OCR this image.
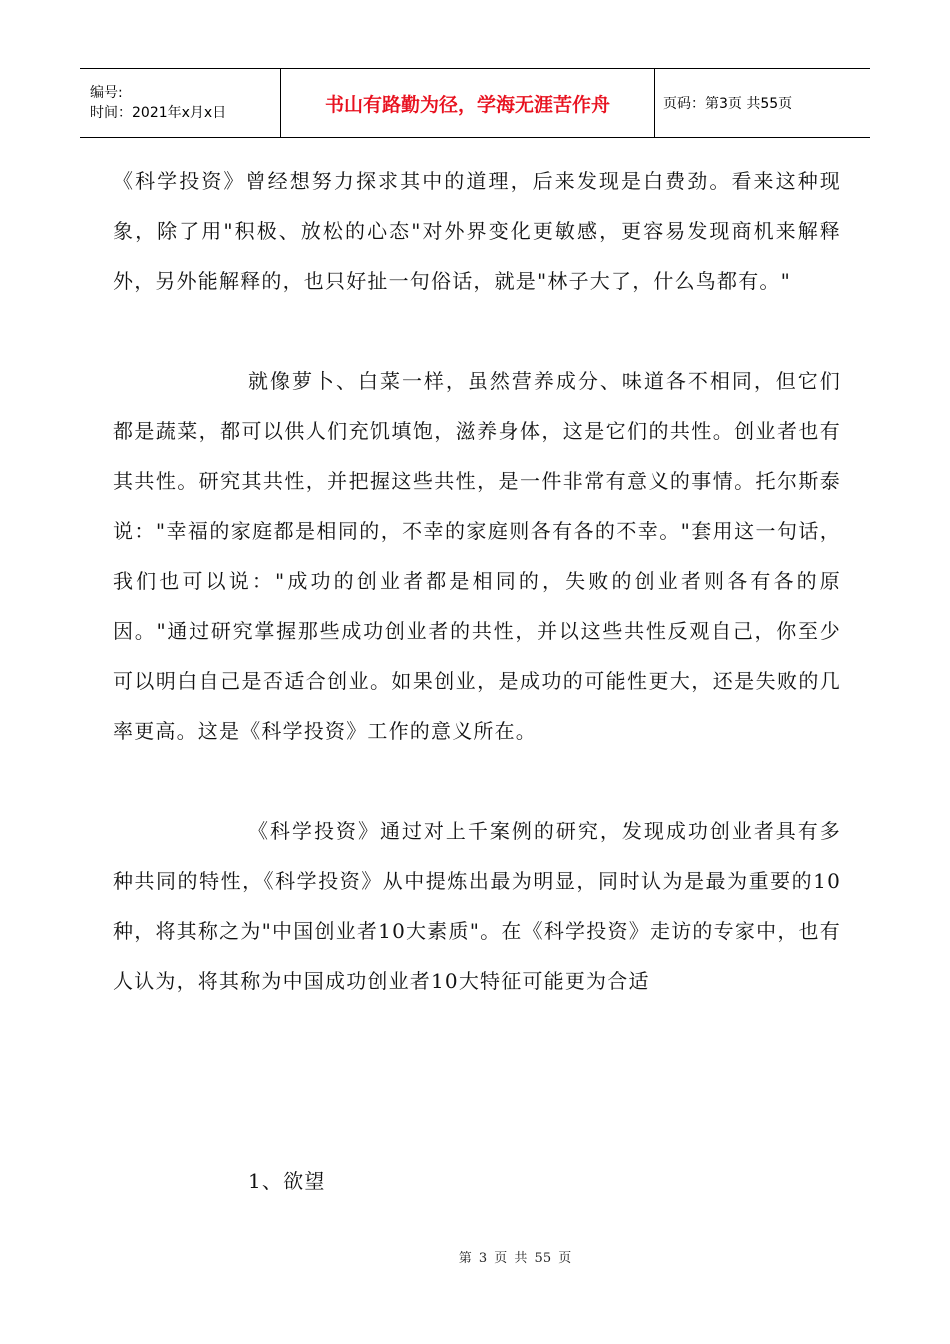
编号:
时间：2021年x月x日	书山有路勤为径，学海无涯苦作舟	页码：第3页 共55页

《科学投资》曾经想努力探求其中的道理，后来发现是白费劲。看来这种现象，除了用"积极、放松的心态"对外界变化更敏感，更容易发现商机来解释外，另外能解释的，也只好扯一句俗话，就是"林子大了，什么鸟都有。"

就像萝卜、白菜一样，虽然营养成分、味道各不相同，但它们都是蔬菜，都可以供人们充饥填饱，滋养身体，这是它们的共性。创业者也有其共性。研究其共性，并把握这些共性，是一件非常有意义的事情。托尔斯泰说："幸福的家庭都是相同的，不幸的家庭则各有各的不幸。"套用这一句话，我们也可以说："成功的创业者都是相同的，失败的创业者则各有各的原因。"通过研究掌握那些成功创业者的共性，并以这些共性反观自己，你至少可以明白自己是否适合创业。如果创业，是成功的可能性更大，还是失败的几率更高。这是《科学投资》工作的意义所在。

《科学投资》通过对上千案例的研究，发现成功创业者具有多种共同的特性，《科学投资》从中提炼出最为明显，同时认为是最为重要的10种，将其称之为"中国创业者10大素质"。在《科学投资》走访的专家中，也有人认为，将其称为中国成功创业者10大特征可能更为合适

1、欲望
第 3 页 共 55 页
